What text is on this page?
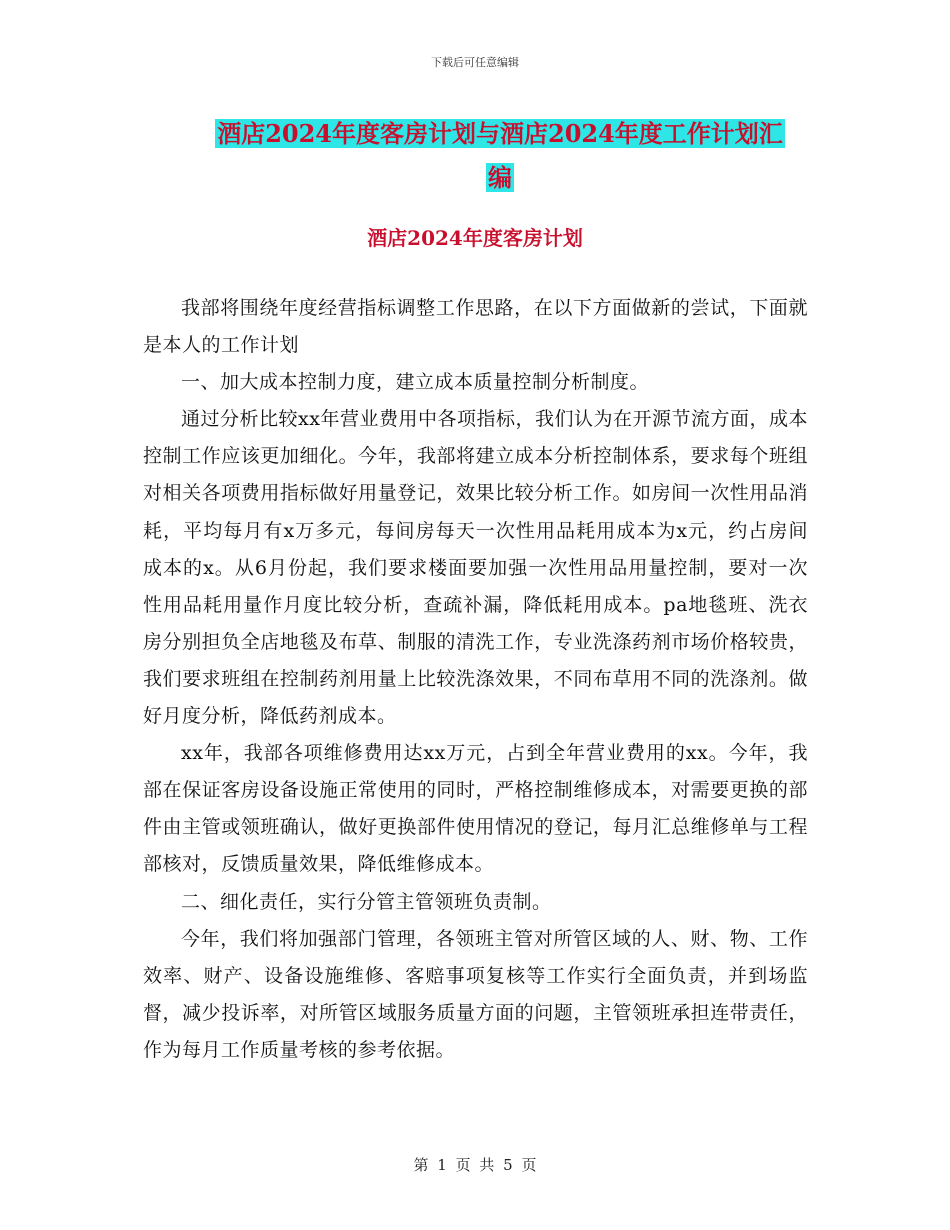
下载后可任意编辑
酒店2024年度客房计划与酒店2024年度工作计划汇
编
酒店2024年度客房计划

我部将围绕年度经营指标调整工作思路，在以下方面做新的尝试，下面就是本人的工作计划

一、加大成本控制力度，建立成本质量控制分析制度。

通过分析比较xx年营业费用中各项指标，我们认为在开源节流方面，成本控制工作应该更加细化。今年，我部将建立成本分析控制体系，要求每个班组对相关各项费用指标做好用量登记，效果比较分析工作。如房间一次性用品消耗，平均每月有x万多元，每间房每天一次性用品耗用成本为x元，约占房间成本的x。从6月份起，我们要求楼面要加强一次性用品用量控制，要对一次性用品耗用量作月度比较分析，查疏补漏，降低耗用成本。pa地毯班、洗衣房分别担负全店地毯及布草、制服的清洗工作，专业洗涤药剂市场价格较贵，我们要求班组在控制药剂用量上比较洗涤效果，不同布草用不同的洗涤剂。做好月度分析，降低药剂成本。

xx年，我部各项维修费用达xx万元，占到全年营业费用的xx。今年，我部在保证客房设备设施正常使用的同时，严格控制维修成本，对需要更换的部件由主管或领班确认，做好更换部件使用情况的登记，每月汇总维修单与工程部核对，反馈质量效果，降低维修成本。

二、细化责任，实行分管主管领班负责制。

今年，我们将加强部门管理，各领班主管对所管区域的人、财、物、工作效率、财产、设备设施维修、客赔事项复核等工作实行全面负责，并到场监督，减少投诉率，对所管区域服务质量方面的问题，主管领班承担连带责任，作为每月工作质量考核的参考依据。

第 1 页 共 5 页
